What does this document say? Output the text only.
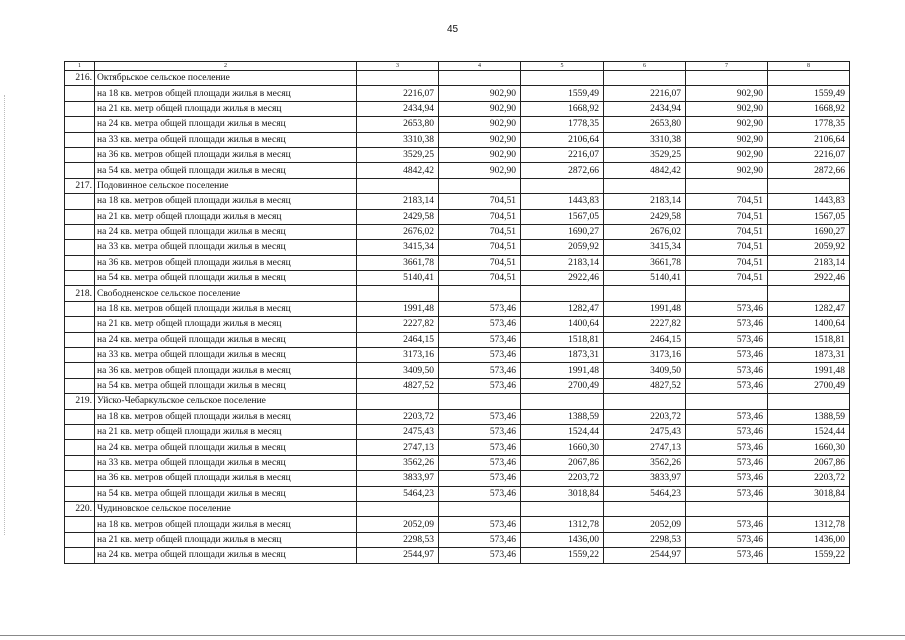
45
1	2	3	4	5	6	7	8
216.	Октябрьское сельское поселение						
	на 18 кв. метров общей площади жилья в месяц	2216,07	902,90	1559,49	2216,07	902,90	1559,49
	на 21 кв. метр общей площади жилья в месяц	2434,94	902,90	1668,92	2434,94	902,90	1668,92
	на 24 кв. метра общей площади жилья в месяц	2653,80	902,90	1778,35	2653,80	902,90	1778,35
	на 33 кв. метра общей площади жилья в месяц	3310,38	902,90	2106,64	3310,38	902,90	2106,64
	на 36 кв. метров общей площади жилья в месяц	3529,25	902,90	2216,07	3529,25	902,90	2216,07
	на 54 кв. метра общей площади жилья в месяц	4842,42	902,90	2872,66	4842,42	902,90	2872,66
217.	Подовинное сельское поселение						
	на 18 кв. метров общей площади жилья в месяц	2183,14	704,51	1443,83	2183,14	704,51	1443,83
	на 21 кв. метр общей площади жилья в месяц	2429,58	704,51	1567,05	2429,58	704,51	1567,05
	на 24 кв. метра общей площади жилья в месяц	2676,02	704,51	1690,27	2676,02	704,51	1690,27
	на 33 кв. метра общей площади жилья в месяц	3415,34	704,51	2059,92	3415,34	704,51	2059,92
	на 36 кв. метров общей площади жилья в месяц	3661,78	704,51	2183,14	3661,78	704,51	2183,14
	на 54 кв. метра общей площади жилья в месяц	5140,41	704,51	2922,46	5140,41	704,51	2922,46
218.	Свободненское сельское поселение						
	на 18 кв. метров общей площади жилья в месяц	1991,48	573,46	1282,47	1991,48	573,46	1282,47
	на 21 кв. метр общей площади жилья в месяц	2227,82	573,46	1400,64	2227,82	573,46	1400,64
	на 24 кв. метра общей площади жилья в месяц	2464,15	573,46	1518,81	2464,15	573,46	1518,81
	на 33 кв. метра общей площади жилья в месяц	3173,16	573,46	1873,31	3173,16	573,46	1873,31
	на 36 кв. метров общей площади жилья в месяц	3409,50	573,46	1991,48	3409,50	573,46	1991,48
	на 54 кв. метра общей площади жилья в месяц	4827,52	573,46	2700,49	4827,52	573,46	2700,49
219.	Уйско-Чебаркульское сельское поселение						
	на 18 кв. метров общей площади жилья в месяц	2203,72	573,46	1388,59	2203,72	573,46	1388,59
	на 21 кв. метр общей площади жилья в месяц	2475,43	573,46	1524,44	2475,43	573,46	1524,44
	на 24 кв. метра общей площади жилья в месяц	2747,13	573,46	1660,30	2747,13	573,46	1660,30
	на 33 кв. метра общей площади жилья в месяц	3562,26	573,46	2067,86	3562,26	573,46	2067,86
	на 36 кв. метров общей площади жилья в месяц	3833,97	573,46	2203,72	3833,97	573,46	2203,72
	на 54 кв. метра общей площади жилья в месяц	5464,23	573,46	3018,84	5464,23	573,46	3018,84
220.	Чудиновское сельское поселение						
	на 18 кв. метров общей площади жилья в месяц	2052,09	573,46	1312,78	2052,09	573,46	1312,78
	на 21 кв. метр общей площади жилья в месяц	2298,53	573,46	1436,00	2298,53	573,46	1436,00
	на 24 кв. метра общей площади жилья в месяц	2544,97	573,46	1559,22	2544,97	573,46	1559,22
